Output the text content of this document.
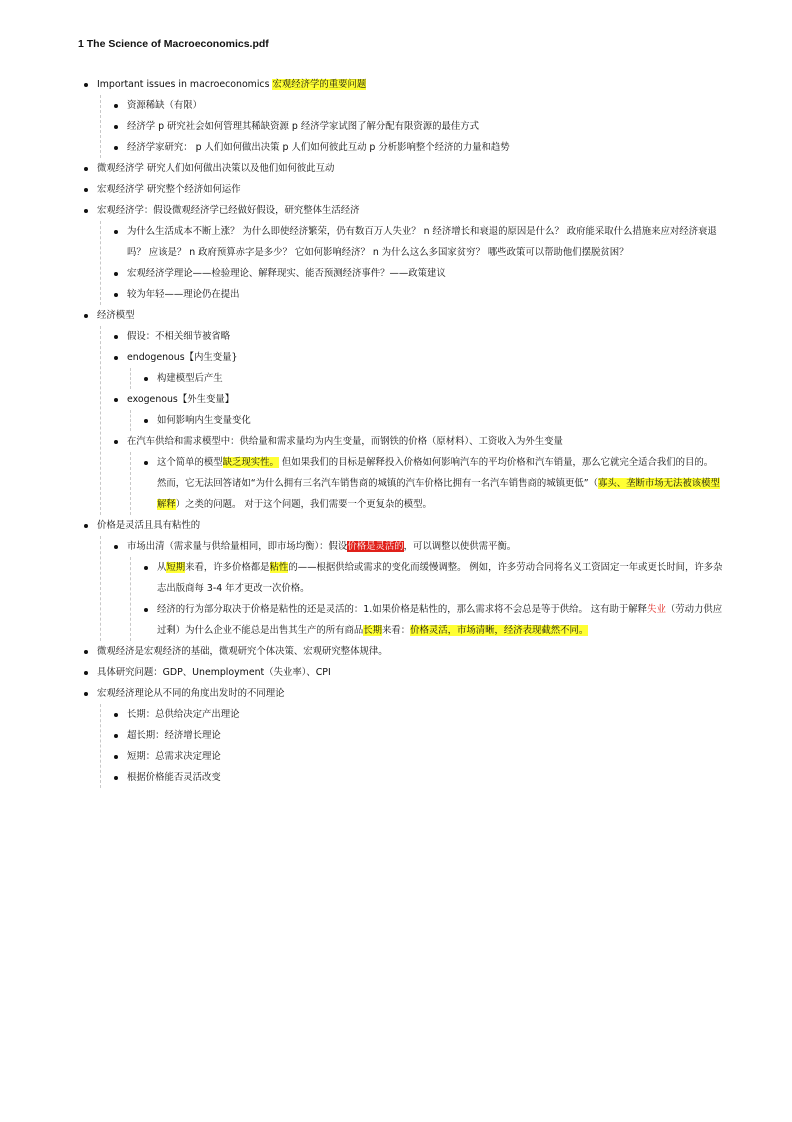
1 The Science of Macroeconomics.pdf
Important issues in macroeconomics 宏观经济学的重要问题
资源稀缺（有限）
经济学 p 研究社会如何管理其稀缺资源 p 经济学家试图了解分配有限资源的最佳方式
经济学家研究： p 人们如何做出决策 p 人们如何彼此互动 p 分析影响整个经济的力量和趋势
微观经济学 研究人们如何做出决策以及他们如何彼此互动
宏观经济学 研究整个经济如何运作
宏观经济学：假设微观经济学已经做好假设，研究整体生活经济
为什么生活成本不断上涨？ 为什么即使经济繁荣，仍有数百万人失业？ n 经济增长和衰退的原因是什么？ 政府能采取什么措施来应对经济衰退吗？ 应该是？ n 政府预算赤字是多少？ 它如何影响经济？ n 为什么这么多国家贫穷？ 哪些政策可以帮助他们摆脱贫困？
宏观经济学理论——检验理论、解释现实、能否预测经济事件？——政策建议
较为年轻——理论仍在提出
经济模型
假设：不相关细节被省略
endogenous【内生变量}
构建模型后产生
exogenous【外生变量】
如何影响内生变量变化
在汽车供给和需求模型中：供给量和需求量均为内生变量，而钢铁的价格（原材料）、工资收入为外生变量
这个简单的模型缺乏现实性。 但如果我们的目标是解释投入价格如何影响汽车的平均价格和汽车销量，那么它就完全适合我们的目的。 然而，它无法回答诸如“为什么拥有三名汽车销售商的城镇的汽车价格比拥有一名汽车销售商的城镇更低”（寡头、垄断市场无法被该模型解释）之类的问题。 对于这个问题，我们需要一个更复杂的模型。
价格是灵活且具有粘性的
市场出清（需求量与供给量相同，即市场均衡）：假设价格是灵活的，可以调整以使供需平衡。
从短期来看，许多价格都是粘性的——根据供给或需求的变化而缓慢调整。 例如，许多劳动合同将名义工资固定一年或更长时间，许多杂志出版商每 3-4 年才更改一次价格。
经济的行为部分取决于价格是粘性的还是灵活的：1.如果价格是粘性的，那么需求将不会总是等于供给。 这有助于解释失业（劳动力供应过剩）为什么企业不能总是出售其生产的所有商品长期来看：价格灵活，市场清晰，经济表现截然不同。
微观经济是宏观经济的基础，微观研究个体决策、宏观研究整体规律。
具体研究问题：GDP、Unemployment（失业率）、CPI
宏观经济理论从不同的角度出发时的不同理论
长期：总供给决定产出理论
超长期：经济增长理论
短期：总需求决定理论
根据价格能否灵活改变
